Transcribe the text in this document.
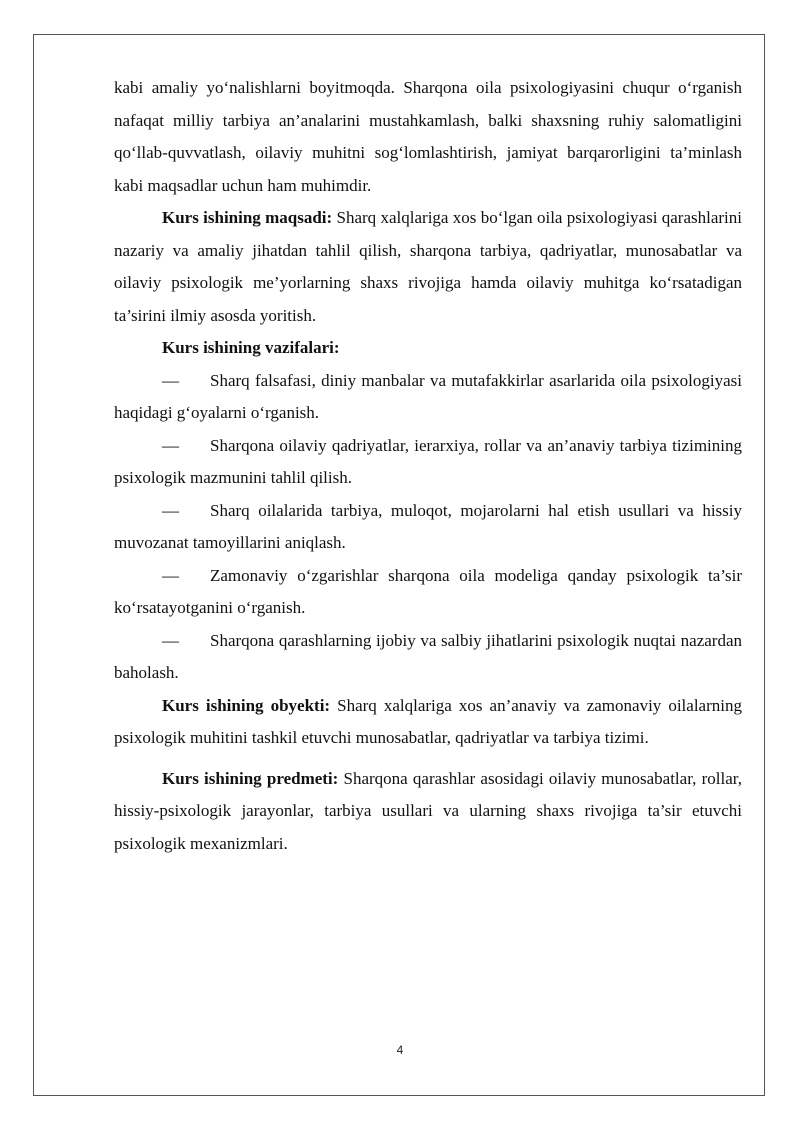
kabi amaliy yo‘nalishlarni boyitmoqda. Sharqona oila psixologiyasini chuqur o‘rganish nafaqat milliy tarbiya an’analarini mustahkamlash, balki shaxsning ruhiy salomatligini qo‘llab-quvvatlash, oilaviy muhitni sog‘lomlashtirish, jamiyat barqarorligini ta’minlash kabi maqsadlar uchun ham muhimdir.

Kurs ishining maqsadi: Sharq xalqlariga xos bo‘lgan oila psixologiyasi qarashlarini nazariy va amaliy jihatdan tahlil qilish, sharqona tarbiya, qadriyatlar, munosabatlar va oilaviy psixologik me’yorlarning shaxs rivojiga hamda oilaviy muhitga ko‘rsatadigan ta’sirini ilmiy asosda yoritish.

Kurs ishining vazifalari:

— Sharq falsafasi, diniy manbalar va mutafakkirlar asarlarida oila psixologiyasi haqidagi g‘oyalarni o‘rganish.

— Sharqona oilaviy qadriyatlar, ierarxiya, rollar va an’anaviy tarbiya tizimining psixologik mazmunini tahlil qilish.

— Sharq oilalarida tarbiya, muloqot, mojarolarni hal etish usullari va hissiy muvozanat tamoyillarini aniqlash.

— Zamonaviy o‘zgarishlar sharqona oila modeliga qanday psixologik ta’sir ko‘rsatayotganini o‘rganish.

— Sharqona qarashlarning ijobiy va salbiy jihatlarini psixologik nuqtai nazardan baholash.

Kurs ishining obyekti: Sharq xalqlariga xos an’anaviy va zamonaviy oilalarning psixologik muhitini tashkil etuvchi munosabatlar, qadriyatlar va tarbiya tizimi.

Kurs ishining predmeti: Sharqona qarashlar asosidagi oilaviy munosabatlar, rollar, hissiy-psixologik jarayonlar, tarbiya usullari va ularning shaxs rivojiga ta’sir etuvchi psixologik mexanizmlari.

4
